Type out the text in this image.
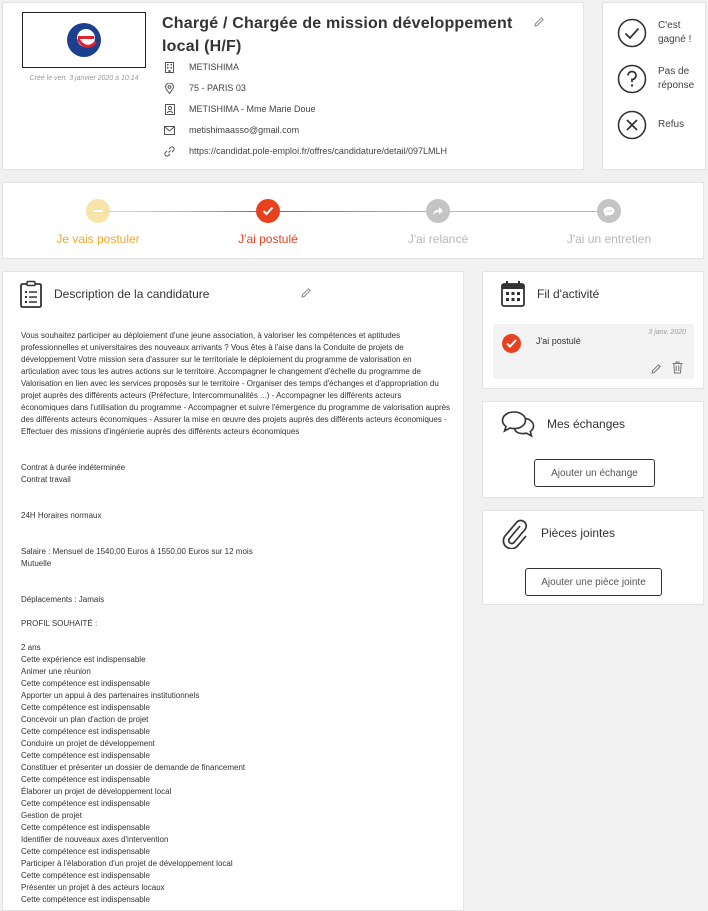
Créé le ven. 3 janvier 2020 à 10:14
Chargé / Chargée de mission développement local (H/F)
METISHIMA
75 - PARIS 03
METISHIMA - Mme Marie Doue
metishimaasso@gmail.com
https://candidat.pole-emploi.fr/offres/candidature/detail/097LMLH
C'est gagné !
Pas de réponse
Refus
Je vais postuler	J'ai postulé	J'ai relancé	J'ai un entretien
Description de la candidature

Vous souhaitez participer au déploiement d'une jeune association, à valoriser les compétences et aptitudes professionnelles et universitaires des nouveaux arrivants ? Vous êtes à l'aise dans la Conduite de projets de développement Votre mission sera d'assurer sur le territoriale le déploiement du programme de valorisation en articulation avec tous les autres actions sur le territoire. Accompagner le changement d'échelle du programme de Valorisation en lien avec les services proposés sur le territoire - Organiser des temps d'échanges et d'appropriation du projet auprès des différents acteurs (Préfecture, Intercommunalités ...) - Accompagner les différents acteurs économiques dans l'utilisation du programme - Accompagner et suivre l'émergence du programme de valorisation auprès des différents acteurs économiques - Assurer la mise en œuvre des projets auprès des différents acteurs économiques - Effectuer des missions d'ingénierie auprès des différents acteurs économiques

Contrat à durée indéterminée
Contrat travail

24H Horaires normaux

Salaire : Mensuel de 1540,00 Euros à 1550,00 Euros sur 12 mois
Mutuelle

Déplacements : Jamais

PROFIL SOUHAITÉ :

2 ans
Cette expérience est indispensable
Animer une réunion
Cette compétence est indispensable
Apporter un appui à des partenaires institutionnels
Cette compétence est indispensable
Concevoir un plan d'action de projet
Cette compétence est indispensable
Conduire un projet de développement
Cette compétence est indispensable
Constituer et présenter un dossier de demande de financement
Cette compétence est indispensable
Élaborer un projet de développement local
Cette compétence est indispensable
Gestion de projet
Cette compétence est indispensable
Identifier de nouveaux axes d'intervention
Cette compétence est indispensable
Participer à l'élaboration d'un projet de développement local
Cette compétence est indispensable
Présenter un projet à des acteurs locaux
Cette compétence est indispensable
Fil d'activité
J'ai postulé
3 janv. 2020
Mes échanges
Ajouter un échange
Pièces jointes
Ajouter une pièce jointe
